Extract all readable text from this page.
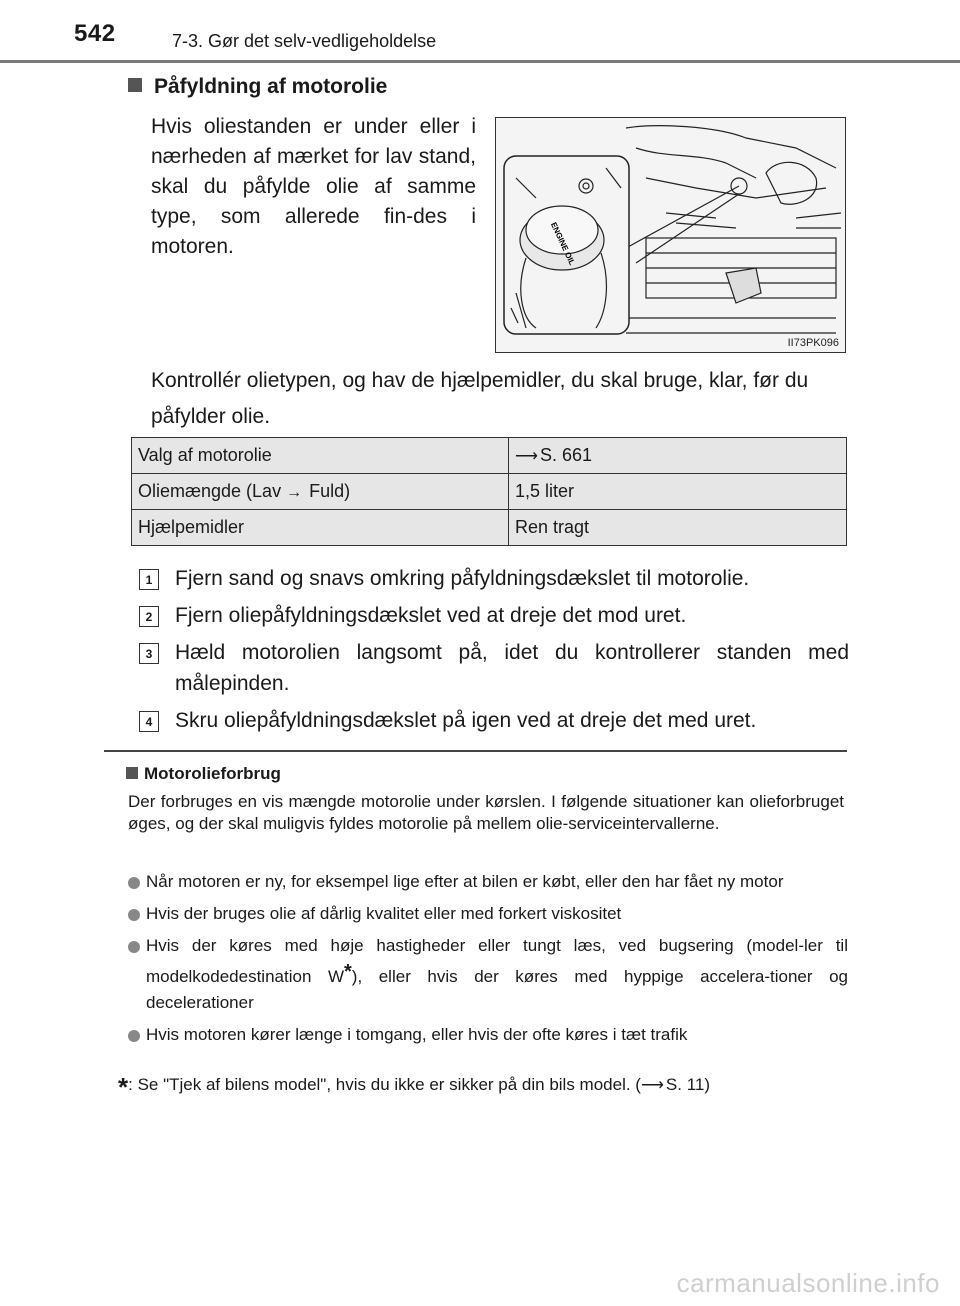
542	7-3. Gør det selv-vedligeholdelse
Påfyldning af motorolie
Hvis oliestanden er under eller i nærheden af mærket for lav stand, skal du påfylde olie af samme type, som allerede fin-des i motoren.	ENGINE OIL
II73PK096
Kontrollér olietypen, og hav de hjælpemidler, du skal bruge, klar, før du påfylder olie.
Valg af motorolie	⟶ S. 661
Oliemængde (Lav → Fuld)	1,5 liter
Hjælpemidler	Ren tragt
1	Fjern sand og snavs omkring påfyldningsdækslet til motorolie.
2	Fjern oliepåfyldningsdækslet ved at dreje det mod uret.
3	Hæld motorolien langsomt på, idet du kontrollerer standen med målepinden.
4	Skru oliepåfyldningsdækslet på igen ved at dreje det med uret.
Motorolieforbrug
Der forbruges en vis mængde motorolie under kørslen. I følgende situationer kan olieforbruget øges, og der skal muligvis fyldes motorolie på mellem olie-serviceintervallerne.
Når motoren er ny, for eksempel lige efter at bilen er købt, eller den har fået ny motor
Hvis der bruges olie af dårlig kvalitet eller med forkert viskositet
Hvis der køres med høje hastigheder eller tungt læs, ved bugsering (model-ler til modelkodedestination W*), eller hvis der køres med hyppige accelera-tioner og decelerationer
Hvis motoren kører længe i tomgang, eller hvis der ofte køres i tæt trafik
*: Se "Tjek af bilens model", hvis du ikke er sikker på din bils model. (⟶ S. 11)
carmanualsonline.info
